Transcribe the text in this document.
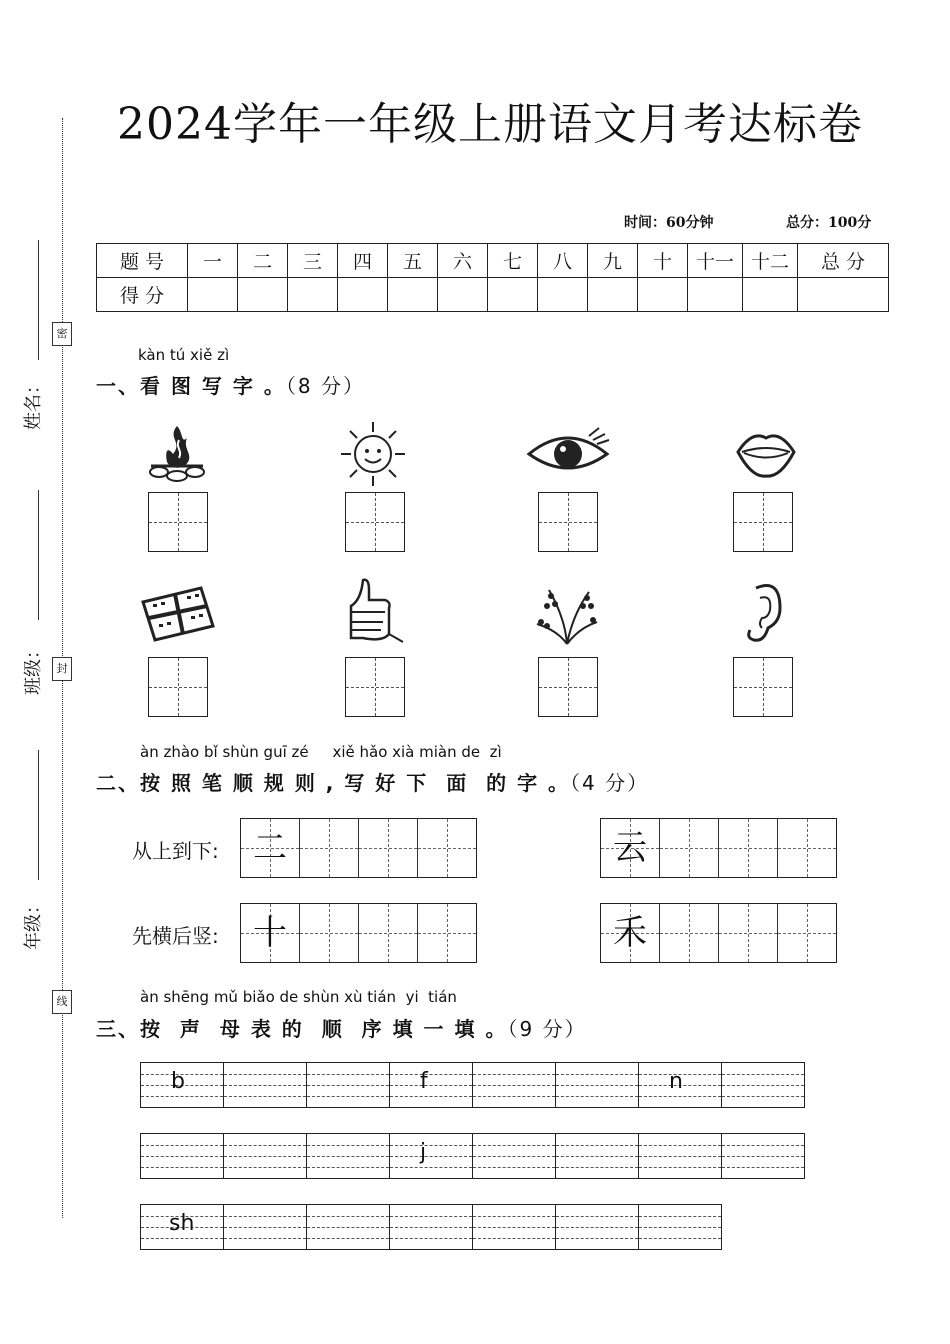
姓名：
班级：
年级：
密
封
线
2024学年一年级上册语文月考达标卷
时间：60分钟	总分：100分
题 号	一	二	三	四	五	六	七	八	九	十	十一	十二	总 分
得 分													
kàn tú xiě zì
一、看 图 写 字 。（8 分）
àn zhào bǐ shùn guī zé     xiě hǎo xià miàn de  zì
二、按 照 笔 顺 规 则 , 写 好 下  面  的 字 。（4 分）
从上到下:	二	云
先横后竖:	十	禾
àn shēng mǔ biǎo de shùn xù tián  yi  tián
三、按  声  母 表 的  顺  序 填 一 填 。（9 分）
b	f	n
j
sh
